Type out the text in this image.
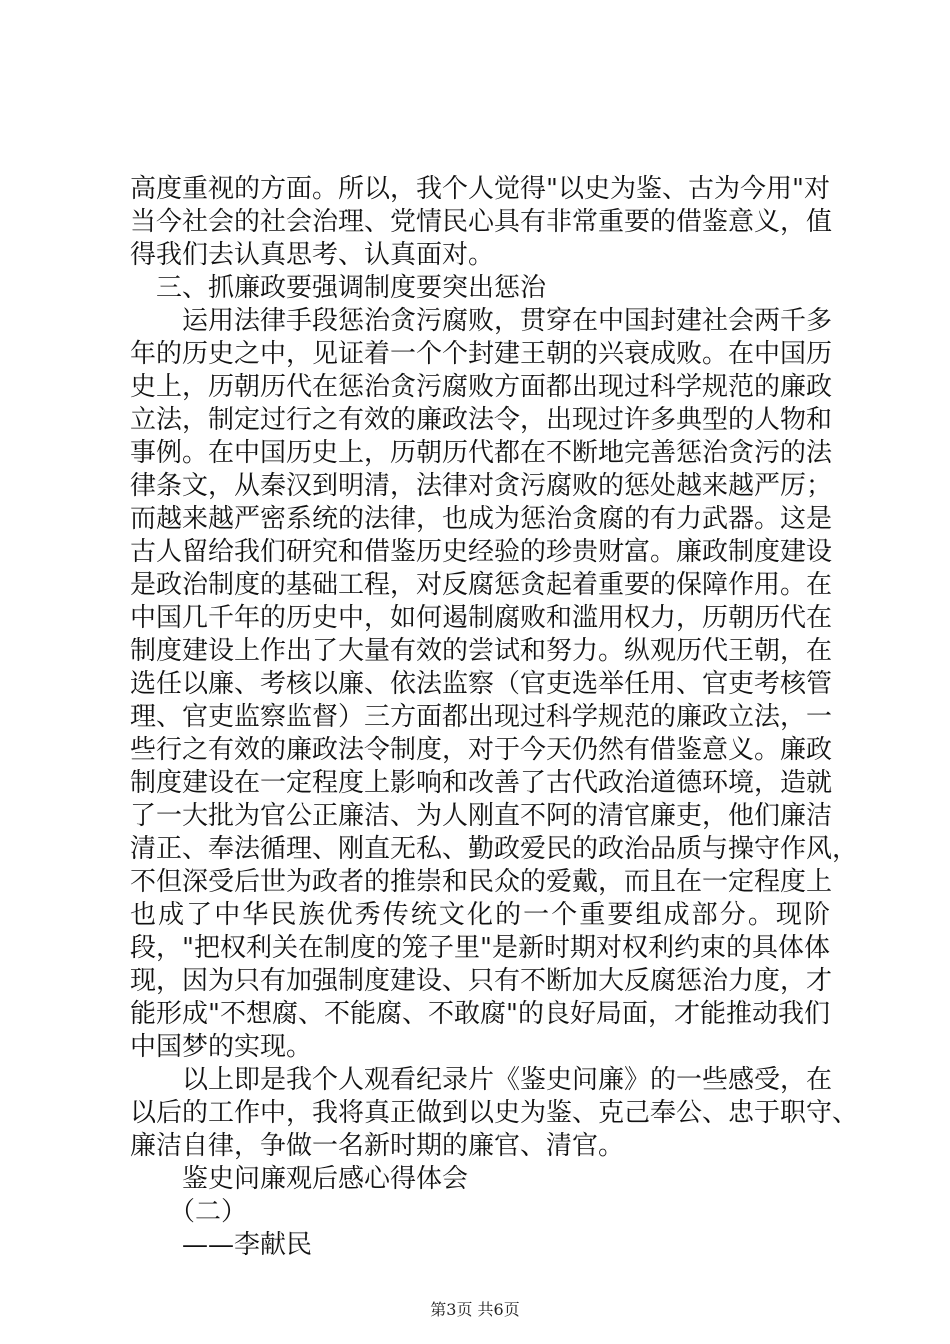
高度重视的方面。所以，我个人觉得"以史为鉴、古为今用"对
当今社会的社会治理、党情民心具有非常重要的借鉴意义，值
得我们去认真思考、认真面对。
　三、抓廉政要强调制度要突出惩治
　　运用法律手段惩治贪污腐败，贯穿在中国封建社会两千多
年的历史之中，见证着一个个封建王朝的兴衰成败。在中国历
史上，历朝历代在惩治贪污腐败方面都出现过科学规范的廉政
立法，制定过行之有效的廉政法令，出现过许多典型的人物和
事例。在中国历史上，历朝历代都在不断地完善惩治贪污的法
律条文，从秦汉到明清，法律对贪污腐败的惩处越来越严厉；
而越来越严密系统的法律，也成为惩治贪腐的有力武器。这是
古人留给我们研究和借鉴历史经验的珍贵财富。廉政制度建设
是政治制度的基础工程，对反腐惩贪起着重要的保障作用。在
中国几千年的历史中，如何遏制腐败和滥用权力，历朝历代在
制度建设上作出了大量有效的尝试和努力。纵观历代王朝，在
选任以廉、考核以廉、依法监察（官吏选举任用、官吏考核管
理、官吏监察监督）三方面都出现过科学规范的廉政立法，一
些行之有效的廉政法令制度，对于今天仍然有借鉴意义。廉政
制度建设在一定程度上影响和改善了古代政治道德环境，造就
了一大批为官公正廉洁、为人刚直不阿的清官廉吏，他们廉洁
清正、奉法循理、刚直无私、勤政爱民的政治品质与操守作风，
不但深受后世为政者的推崇和民众的爱戴，而且在一定程度上
也成了中华民族优秀传统文化的一个重要组成部分。现阶
段，"把权利关在制度的笼子里"是新时期对权利约束的具体体
现，因为只有加强制度建设、只有不断加大反腐惩治力度，才
能形成"不想腐、不能腐、不敢腐"的良好局面，才能推动我们
中国梦的实现。
　　以上即是我个人观看纪录片《鉴史问廉》的一些感受，在
以后的工作中，我将真正做到以史为鉴、克己奉公、忠于职守、
廉洁自律，争做一名新时期的廉官、清官。
　　鉴史问廉观后感心得体会
　　（二）
　　——李献民
第3页 共6页
